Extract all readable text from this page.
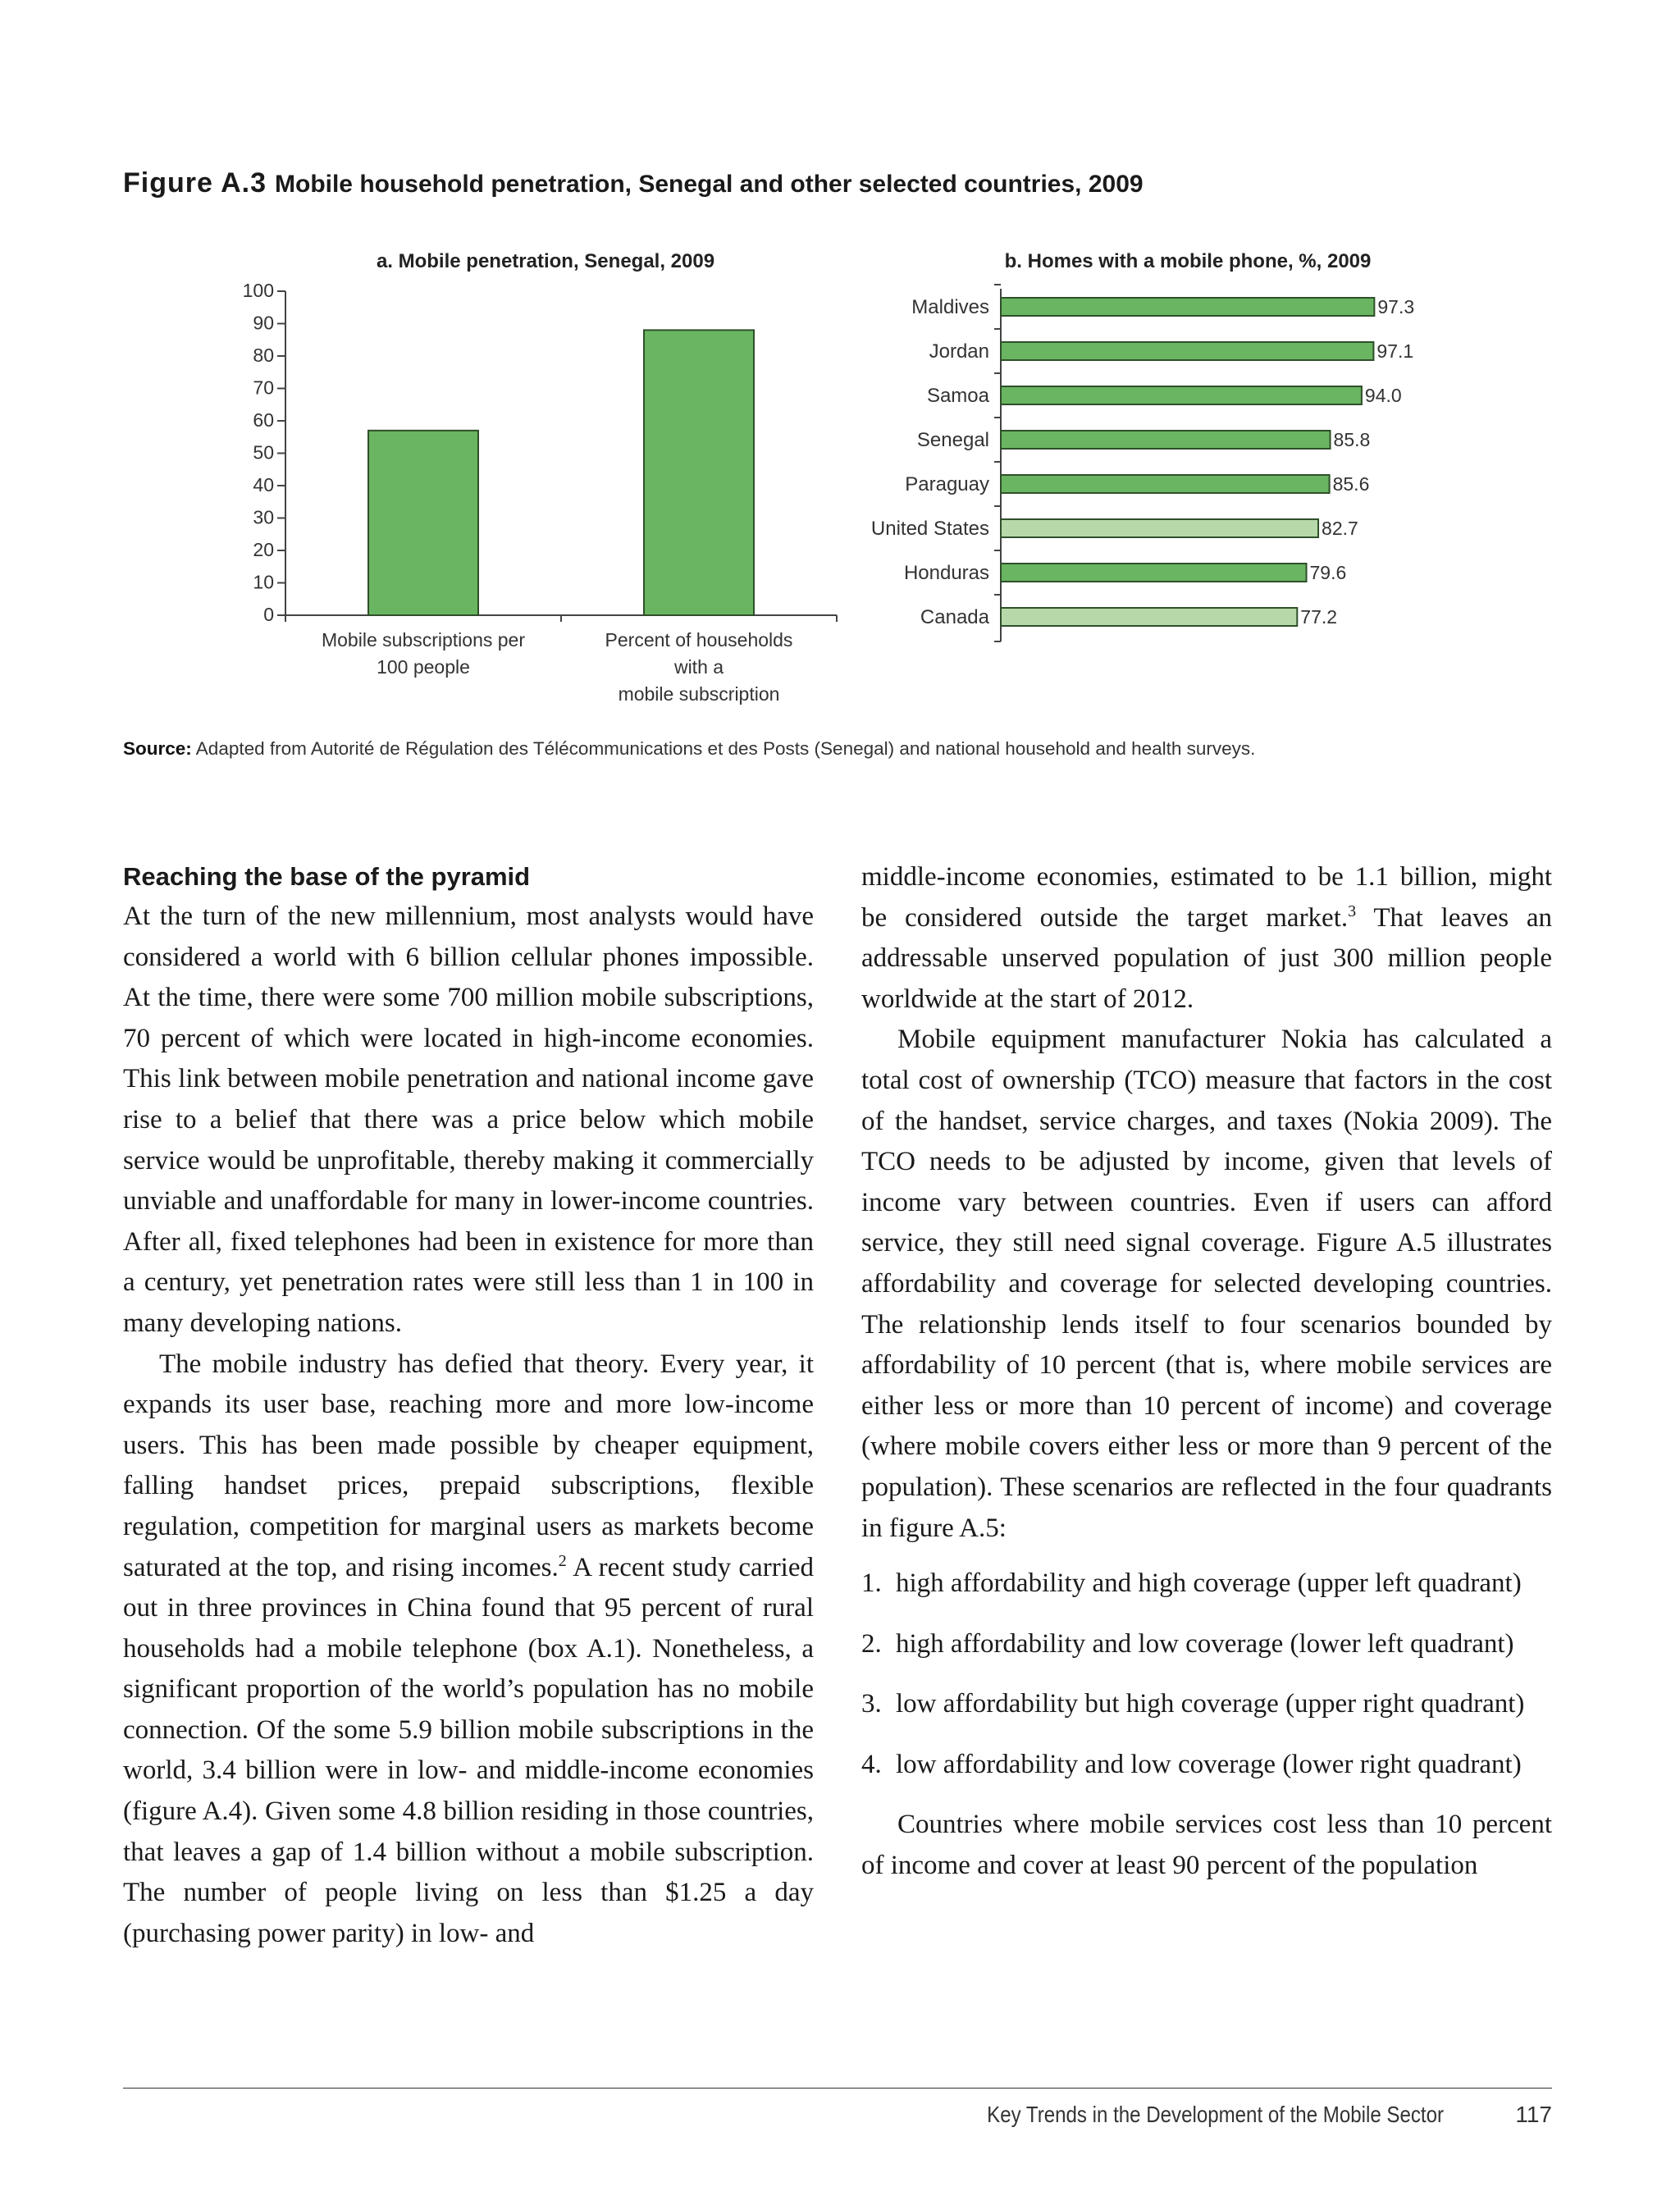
Figure A.3 Mobile household penetration, Senegal and other selected countries, 2009
a. Mobile penetration, Senegal, 2009
0
10
20
30
40
50
60
70
80
90
100
Mobile subscriptions per
100 people
Percent of households
with a
mobile subscription
b. Homes with a mobile phone, %, 2009
Maldives	97.3
Jordan	97.1
Samoa	94.0
Senegal	85.8
Paraguay	85.6
United States	82.7
Honduras	79.6
Canada	77.2
Source: Adapted from Autorité de Régulation des Télécommunications et des Posts (Senegal) and national household and health surveys.
Reaching the base of the pyramid

At the turn of the new millennium, most analysts would have considered a world with 6 billion cellular phones impossible. At the time, there were some 700 million mobile subscriptions, 70 percent of which were located in high-income economies. This link between mobile penetration and national income gave rise to a belief that there was a price below which mobile service would be unprofitable, thereby making it commercially unviable and unaffordable for many in lower-income countries. After all, fixed telephones had been in existence for more than a century, yet penetration rates were still less than 1 in 100 in many developing nations.

The mobile industry has defied that theory. Every year, it expands its user base, reaching more and more low-income users. This has been made possible by cheaper equipment, falling handset prices, prepaid subscriptions, flexible regulation, competition for marginal users as markets become saturated at the top, and rising incomes.$^2$ A recent study carried out in three provinces in China found that 95 percent of rural households had a mobile telephone (box A.1). Nonetheless, a significant proportion of the world’s population has no mobile connection. Of the some 5.9 billion mobile subscriptions in the world, 3.4 billion were in low- and middle-income economies (figure A.4). Given some 4.8 billion residing in those countries, that leaves a gap of 1.4 billion without a mobile subscription. The number of people living on less than $1.25 a day (purchasing power parity) in low- and

middle-income economies, estimated to be 1.1 billion, might be considered outside the target market.$^3$ That leaves an addressable unserved population of just 300 million people worldwide at the start of 2012.

Mobile equipment manufacturer Nokia has calculated a total cost of ownership (TCO) measure that factors in the cost of the handset, service charges, and taxes (Nokia 2009). The TCO needs to be adjusted by income, given that levels of income vary between countries. Even if users can afford service, they still need signal coverage. Figure A.5 illustrates affordability and coverage for selected developing countries. The relationship lends itself to four scenarios bounded by affordability of 10 percent (that is, where mobile services are either less or more than 10 percent of income) and coverage (where mobile covers either less or more than 9 percent of the population). These scenarios are reflected in the four quadrants in figure A.5:

1. high affordability and high coverage (upper left quadrant)
2. high affordability and low coverage (lower left quadrant)
3. low affordability but high coverage (upper right quadrant)
4. low affordability and low coverage (lower right quadrant)

Countries where mobile services cost less than 10 percent of income and cover at least 90 percent of the population

Key Trends in the Development of the Mobile Sector	117
